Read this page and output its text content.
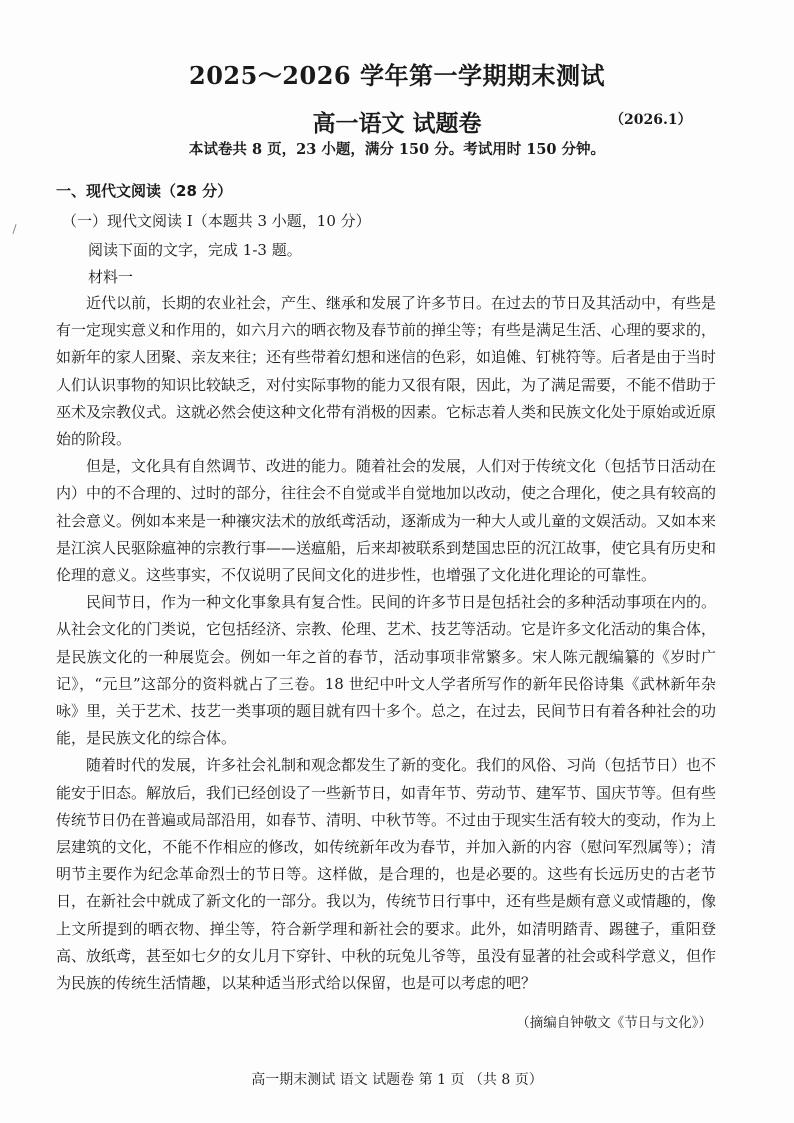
2025～2026 学年第一学期期末测试
高一语文 试题卷	（2026.1）
本试卷共 8 页，23 小题，满分 150 分。考试用时 150 分钟。
一、现代文阅读（28 分）
（一）现代文阅读 I（本题共 3 小题，10 分）
阅读下面的文字，完成 1-3 题。
材料一

近代以前，长期的农业社会，产生、继承和发展了许多节日。在过去的节日及其活动中，有些是有一定现实意义和作用的，如六月六的晒衣物及春节前的掸尘等；有些是满足生活、心理的要求的，如新年的家人团聚、亲友来往；还有些带着幻想和迷信的色彩，如追傩、钉桃符等。后者是由于当时人们认识事物的知识比较缺乏，对付实际事物的能力又很有限，因此，为了满足需要，不能不借助于巫术及宗教仪式。这就必然会使这种文化带有消极的因素。它标志着人类和民族文化处于原始或近原始的阶段。

但是，文化具有自然调节、改进的能力。随着社会的发展，人们对于传统文化（包括节日活动在内）中的不合理的、过时的部分，往往会不自觉或半自觉地加以改动，使之合理化，使之具有较高的社会意义。例如本来是一种禳灾法术的放纸鸢活动，逐渐成为一种大人或儿童的文娱活动。又如本来是江滨人民驱除瘟神的宗教行事——送瘟船，后来却被联系到楚国忠臣的沉江故事，使它具有历史和伦理的意义。这些事实，不仅说明了民间文化的进步性，也增强了文化进化理论的可靠性。

民间节日，作为一种文化事象具有复合性。民间的许多节日是包括社会的多种活动事项在内的。从社会文化的门类说，它包括经济、宗教、伦理、艺术、技艺等活动。它是许多文化活动的集合体，是民族文化的一种展览会。例如一年之首的春节，活动事项非常繁多。宋人陈元靓编纂的《岁时广记》，“元旦”这部分的资料就占了三卷。18 世纪中叶文人学者所写作的新年民俗诗集《武林新年杂咏》里，关于艺术、技艺一类事项的题目就有四十多个。总之，在过去，民间节日有着各种社会的功能，是民族文化的综合体。

随着时代的发展，许多社会礼制和观念都发生了新的变化。我们的风俗、习尚（包括节日）也不能安于旧态。解放后，我们已经创设了一些新节日，如青年节、劳动节、建军节、国庆节等。但有些传统节日仍在普遍或局部沿用，如春节、清明、中秋节等。不过由于现实生活有较大的变动，作为上层建筑的文化，不能不作相应的修改，如传统新年改为春节，并加入新的内容（慰问军烈属等）；清明节主要作为纪念革命烈士的节日等。这样做，是合理的，也是必要的。这些有长远历史的古老节日，在新社会中就成了新文化的一部分。我以为，传统节日行事中，还有些是颇有意义或情趣的，像上文所提到的晒衣物、掸尘等，符合新学理和新社会的要求。此外，如清明踏青、踢毽子，重阳登高、放纸鸢，甚至如七夕的女儿月下穿针、中秋的玩兔儿爷等，虽没有显著的社会或科学意义，但作为民族的传统生活情趣，以某种适当形式给以保留，也是可以考虑的吧？

（摘编自钟敬文《节日与文化》）
高一期末测试 语文 试题卷 第 1 页 （共 8 页）
